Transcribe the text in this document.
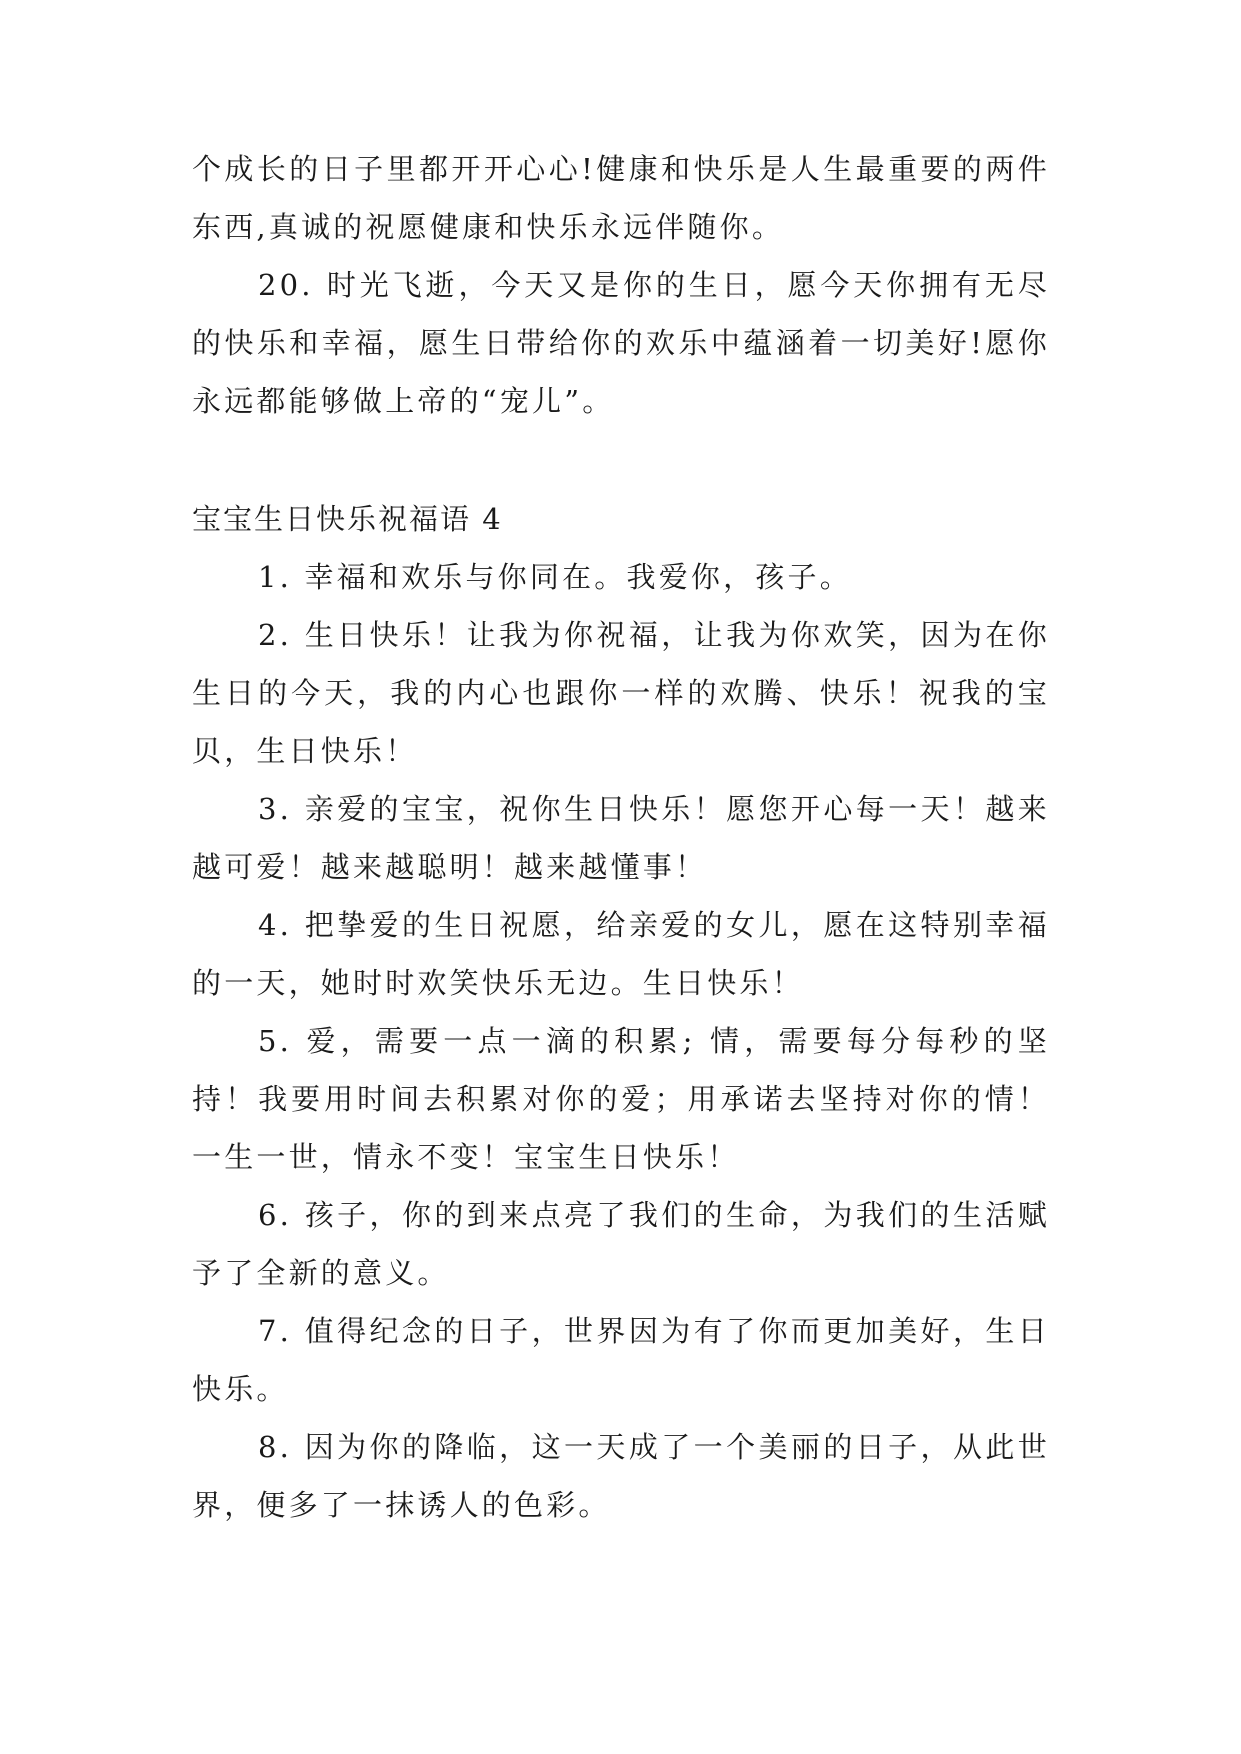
个成长的日子里都开开心心!健康和快乐是人生最重要的两件东西,真诚的祝愿健康和快乐永远伴随你。

20. 时光飞逝，今天又是你的生日，愿今天你拥有无尽的快乐和幸福，愿生日带给你的欢乐中蕴涵着一切美好!愿你永远都能够做上帝的“宠儿”。

宝宝生日快乐祝福语 4

1. 幸福和欢乐与你同在。我爱你，孩子。

2. 生日快乐！让我为你祝福，让我为你欢笑，因为在你生日的今天，我的内心也跟你一样的欢腾、快乐！祝我的宝贝，生日快乐！

3. 亲爱的宝宝，祝你生日快乐！愿您开心每一天！越来越可爱！越来越聪明！越来越懂事！

4. 把挚爱的生日祝愿，给亲爱的女儿，愿在这特别幸福的一天，她时时欢笑快乐无边。生日快乐！

5. 爱，需要一点一滴的积累; 情，需要每分每秒的坚持！我要用时间去积累对你的爱；用承诺去坚持对你的情！一生一世，情永不变！宝宝生日快乐！

6. 孩子，你的到来点亮了我们的生命，为我们的生活赋予了全新的意义。

7. 值得纪念的日子，世界因为有了你而更加美好，生日快乐。

8. 因为你的降临，这一天成了一个美丽的日子，从此世界，便多了一抹诱人的色彩。
